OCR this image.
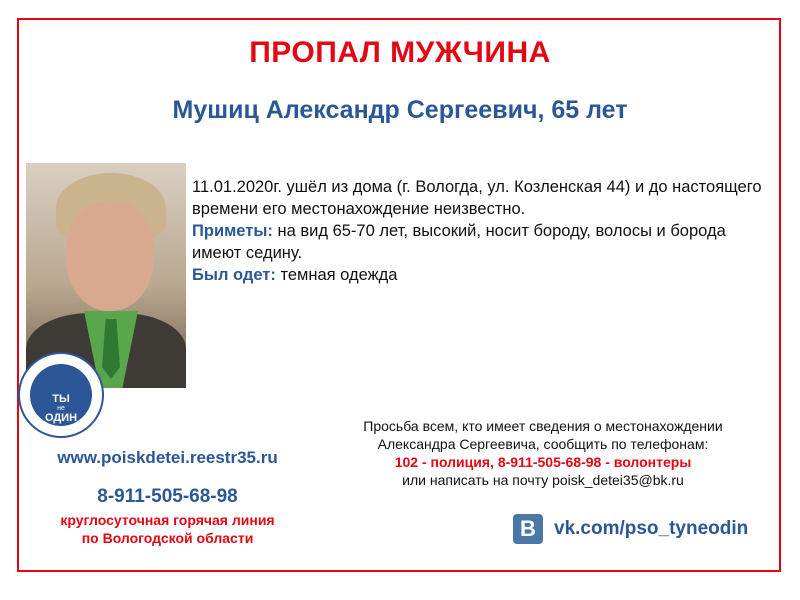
ПРОПАЛ МУЖЧИНА
Мушиц Александр Сергеевич, 65 лет
ТЫ
не
ОДИН

11.01.2020г. ушёл из дома (г. Вологда, ул. Козленская 44) и до настоящего времени его местонахождение неизвестно.

Приметы: на вид 65-70 лет, высокий, носит бороду, волосы и борода имеют седину.

Был одет: темная одежда

www.poiskdetei.reestr35.ru
8-911-505-68-98
круглосуточная горячая линия
по Вологодской области
Просьба всем, кто имеет сведения о местонахождении
Александра Сергеевича, сообщить по телефонам:
102 - полиция, 8-911-505-68-98 - волонтеры
или написать на почту poisk_detei35@bk.ru
B vk.com/pso_tyneodin
